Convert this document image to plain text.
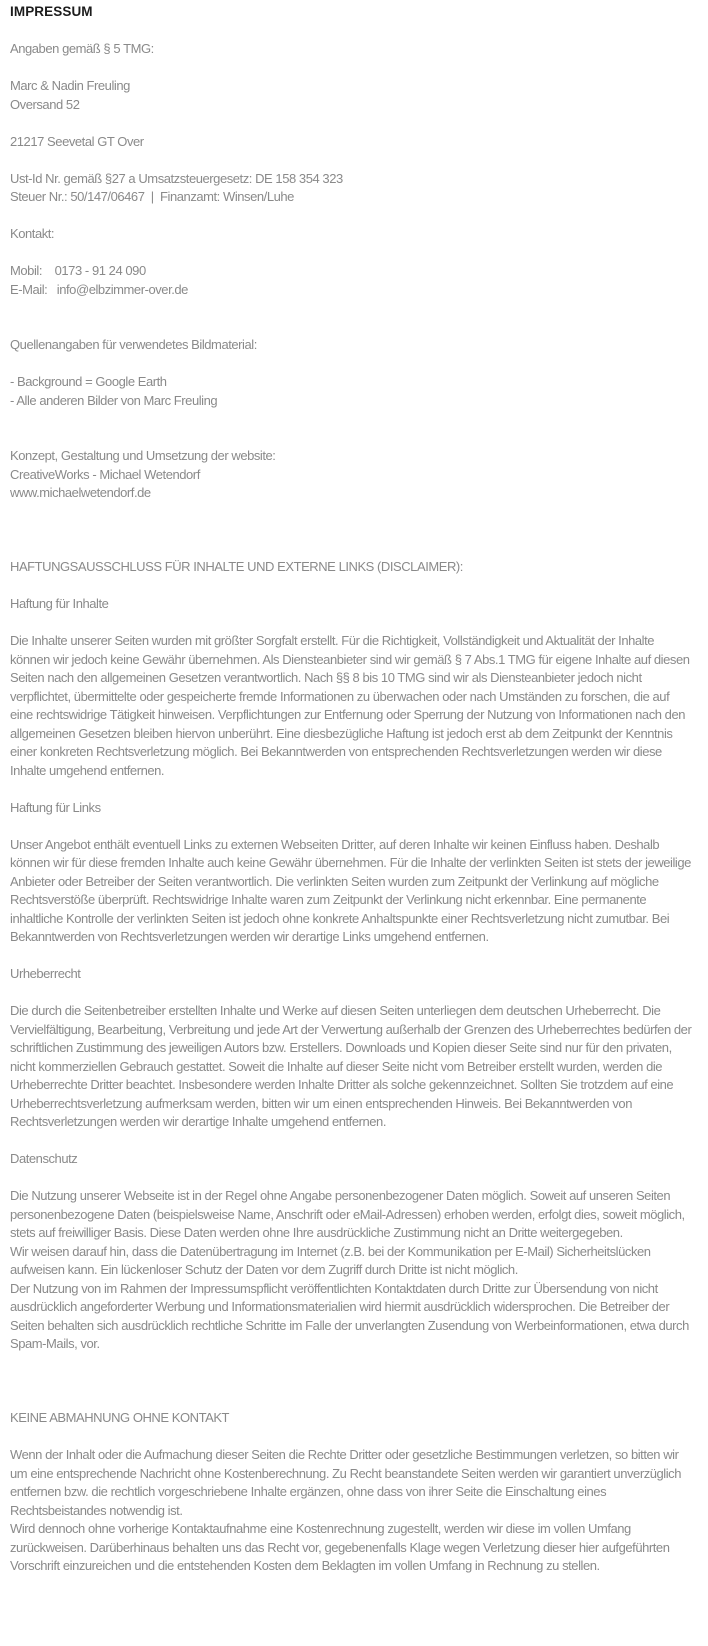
IMPRESSUM
Angaben gemäß § 5 TMG:
Marc & Nadin Freuling
Oversand 52
21217 Seevetal GT Over
Ust-Id Nr. gemäß §27 a Umsatzsteuergesetz: DE 158 354 323
Steuer Nr.: 50/147/06467  |  Finanzamt: Winsen/Luhe
Kontakt:
Mobil:    0173 - 91 24 090
E-Mail:   info@elbzimmer-over.de
Quellenangaben für verwendetes Bildmaterial:
- Background = Google Earth
- Alle anderen Bilder von Marc Freuling
Konzept, Gestaltung und Umsetzung der website:
CreativeWorks - Michael Wetendorf
www.michaelwetendorf.de
HAFTUNGSAUSSCHLUSS FÜR INHALTE UND EXTERNE LINKS (DISCLAIMER):
Haftung für Inhalte
Die Inhalte unserer Seiten wurden mit größter Sorgfalt erstellt. Für die Richtigkeit, Vollständigkeit und Aktualität der Inhalte können wir jedoch keine Gewähr übernehmen. Als Diensteanbieter sind wir gemäß § 7 Abs.1 TMG für eigene Inhalte auf diesen Seiten nach den allgemeinen Gesetzen verantwortlich. Nach §§ 8 bis 10 TMG sind wir als Diensteanbieter jedoch nicht verpflichtet, übermittelte oder gespeicherte fremde Informationen zu überwachen oder nach Umständen zu forschen, die auf eine rechtswidrige Tätigkeit hinweisen. Verpflichtungen zur Entfernung oder Sperrung der Nutzung von Informationen nach den allgemeinen Gesetzen bleiben hiervon unberührt. Eine diesbezügliche Haftung ist jedoch erst ab dem Zeitpunkt der Kenntnis einer konkreten Rechtsverletzung möglich. Bei Bekanntwerden von entsprechenden Rechtsverletzungen werden wir diese Inhalte umgehend entfernen.
Haftung für Links
Unser Angebot enthält eventuell Links zu externen Webseiten Dritter, auf deren Inhalte wir keinen Einfluss haben. Deshalb können wir für diese fremden Inhalte auch keine Gewähr übernehmen. Für die Inhalte der verlinkten Seiten ist stets der jeweilige Anbieter oder Betreiber der Seiten verantwortlich. Die verlinkten Seiten wurden zum Zeitpunkt der Verlinkung auf mögliche Rechtsverstöße überprüft. Rechtswidrige Inhalte waren zum Zeitpunkt der Verlinkung nicht erkennbar. Eine permanente inhaltliche Kontrolle der verlinkten Seiten ist jedoch ohne konkrete Anhaltspunkte einer Rechtsverletzung nicht zumutbar. Bei Bekanntwerden von Rechtsverletzungen werden wir derartige Links umgehend entfernen.
Urheberrecht
Die durch die Seitenbetreiber erstellten Inhalte und Werke auf diesen Seiten unterliegen dem deutschen Urheberrecht. Die Vervielfältigung, Bearbeitung, Verbreitung und jede Art der Verwertung außerhalb der Grenzen des Urheberrechtes bedürfen der schriftlichen Zustimmung des jeweiligen Autors bzw. Erstellers. Downloads und Kopien dieser Seite sind nur für den privaten, nicht kommerziellen Gebrauch gestattet. Soweit die Inhalte auf dieser Seite nicht vom Betreiber erstellt wurden, werden die Urheberrechte Dritter beachtet. Insbesondere werden Inhalte Dritter als solche gekennzeichnet. Sollten Sie trotzdem auf eine Urheberrechtsverletzung aufmerksam werden, bitten wir um einen entsprechenden Hinweis. Bei Bekanntwerden von Rechtsverletzungen werden wir derartige Inhalte umgehend entfernen.
Datenschutz
Die Nutzung unserer Webseite ist in der Regel ohne Angabe personenbezogener Daten möglich. Soweit auf unseren Seiten personenbezogene Daten (beispielsweise Name, Anschrift oder eMail-Adressen) erhoben werden, erfolgt dies, soweit möglich, stets auf freiwilliger Basis. Diese Daten werden ohne Ihre ausdrückliche Zustimmung nicht an Dritte weitergegeben.
Wir weisen darauf hin, dass die Datenübertragung im Internet (z.B. bei der Kommunikation per E-Mail) Sicherheitslücken aufweisen kann. Ein lückenloser Schutz der Daten vor dem Zugriff durch Dritte ist nicht möglich.
Der Nutzung von im Rahmen der Impressumspflicht veröffentlichten Kontaktdaten durch Dritte zur Übersendung von nicht ausdrücklich angeforderter Werbung und Informationsmaterialien wird hiermit ausdrücklich widersprochen. Die Betreiber der Seiten behalten sich ausdrücklich rechtliche Schritte im Falle der unverlangten Zusendung von Werbeinformationen, etwa durch Spam-Mails, vor.
KEINE ABMAHNUNG OHNE KONTAKT
Wenn der Inhalt oder die Aufmachung dieser Seiten die Rechte Dritter oder gesetzliche Bestimmungen verletzen, so bitten wir um eine entsprechende Nachricht ohne Kostenberechnung. Zu Recht beanstandete Seiten werden wir garantiert unverzüglich entfernen bzw. die rechtlich vorgeschriebene Inhalte ergänzen, ohne dass von ihrer Seite die Einschaltung eines Rechtsbeistandes notwendig ist.
Wird dennoch ohne vorherige Kontaktaufnahme eine Kostenrechnung zugestellt, werden wir diese im vollen Umfang zurückweisen. Darüberhinaus behalten uns das Recht vor, gegebenenfalls Klage wegen Verletzung dieser hier aufgeführten Vorschrift einzureichen und die entstehenden Kosten dem Beklagten im vollen Umfang in Rechnung zu stellen.
